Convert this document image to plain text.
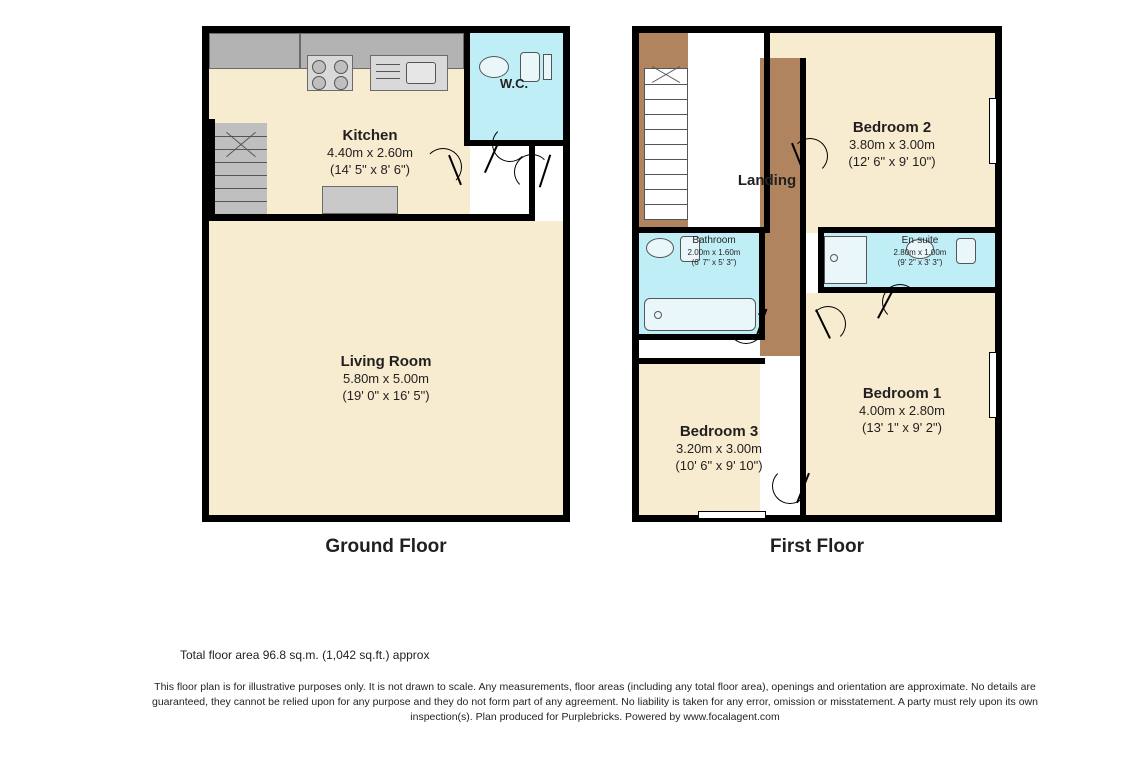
Kitchen
4.40m x 2.60m
(14' 5" x 8' 6")
W.C.
Living Room
5.80m x 5.00m
(19' 0" x 16' 5")
Ground Floor
Bedroom 2
3.80m x 3.00m
(12' 6" x 9' 10")
Landing
Bathroom
2.00m x 1.60m
(6' 7" x 5' 3")
En-suite
2.80m x 1.00m
(9' 2" x 3' 3")
Bedroom 1
4.00m x 2.80m
(13' 1" x 9' 2")
Bedroom 3
3.20m x 3.00m
(10' 6" x 9' 10")
First Floor
Total floor area 96.8 sq.m. (1,042 sq.ft.) approx
This floor plan is for illustrative purposes only. It is not drawn to scale. Any measurements, floor areas (including any total floor area), openings and orientation are approximate. No details are guaranteed, they cannot be relied upon for any purpose and they do not form part of any agreement. No liability is taken for any error, omission or misstatement. A party must rely upon its own inspection(s). Plan produced for Purplebricks. Powered by www.focalagent.com
